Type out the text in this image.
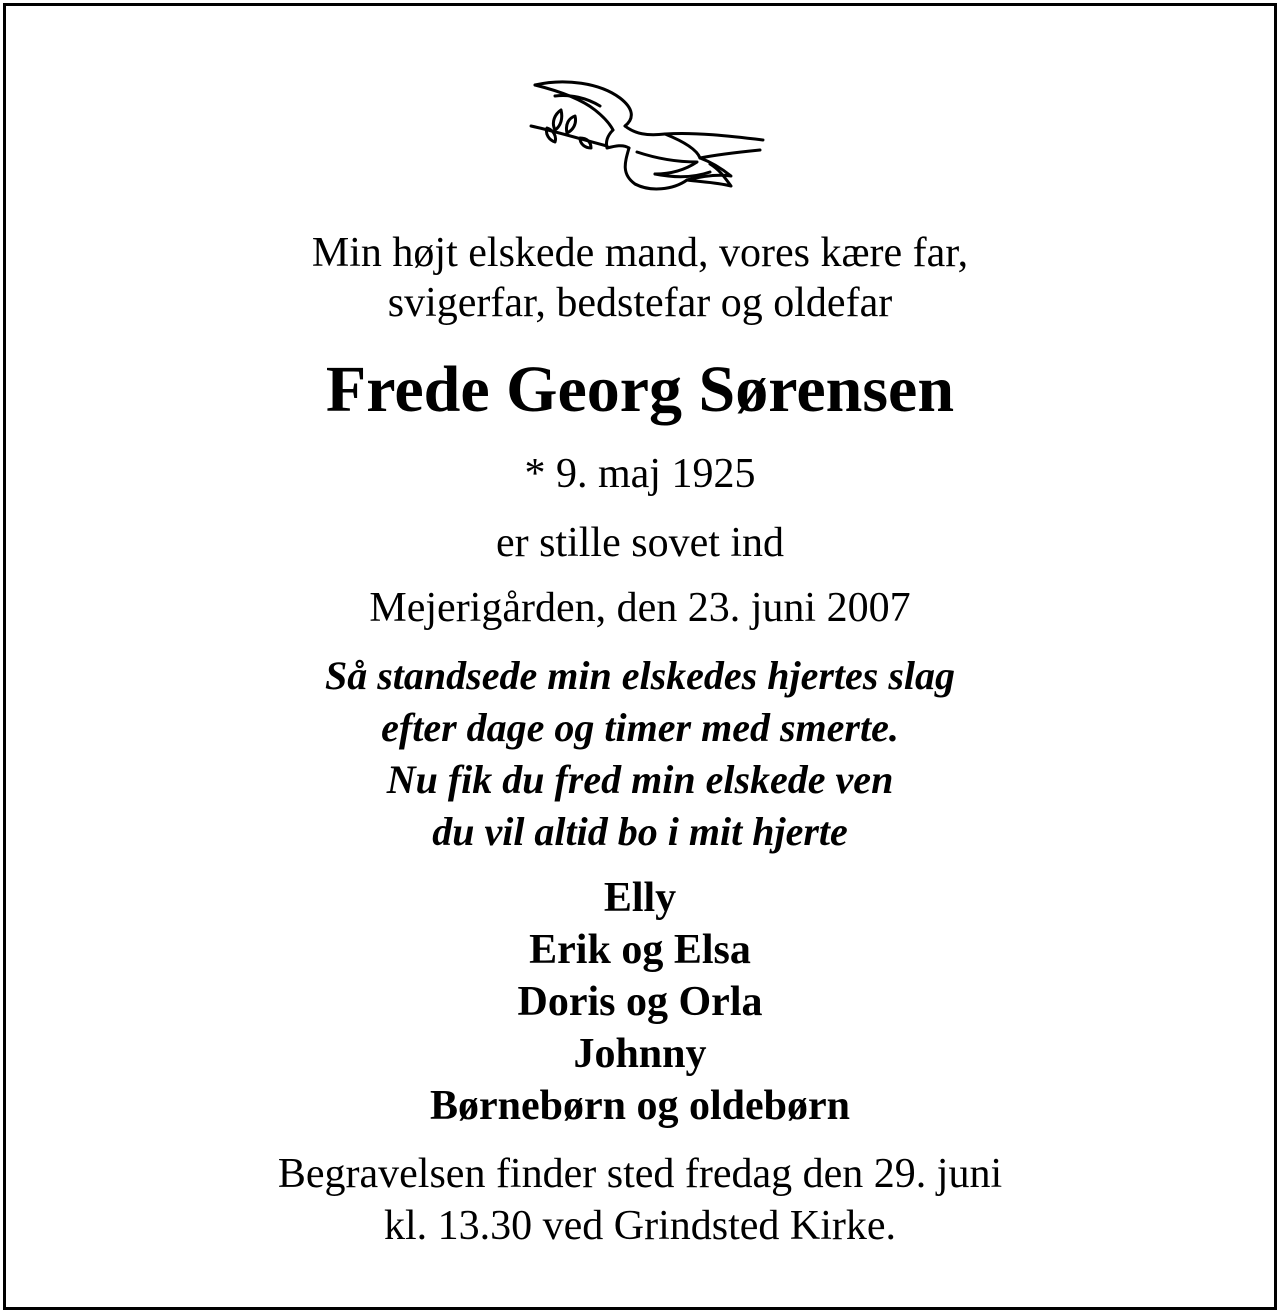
Min højt elskede mand, vores kære far,
svigerfar, bedstefar og oldefar
Frede Georg Sørensen
* 9. maj 1925
er stille sovet ind
Mejerigården, den 23. juni 2007
Så standsede min elskedes hjertes slag
efter dage og timer med smerte.
Nu fik du fred min elskede ven
du vil altid bo i mit hjerte
Elly
Erik og Elsa
Doris og Orla
Johnny
Børnebørn og oldebørn
Begravelsen finder sted fredag den 29. juni
kl. 13.30 ved Grindsted Kirke.
